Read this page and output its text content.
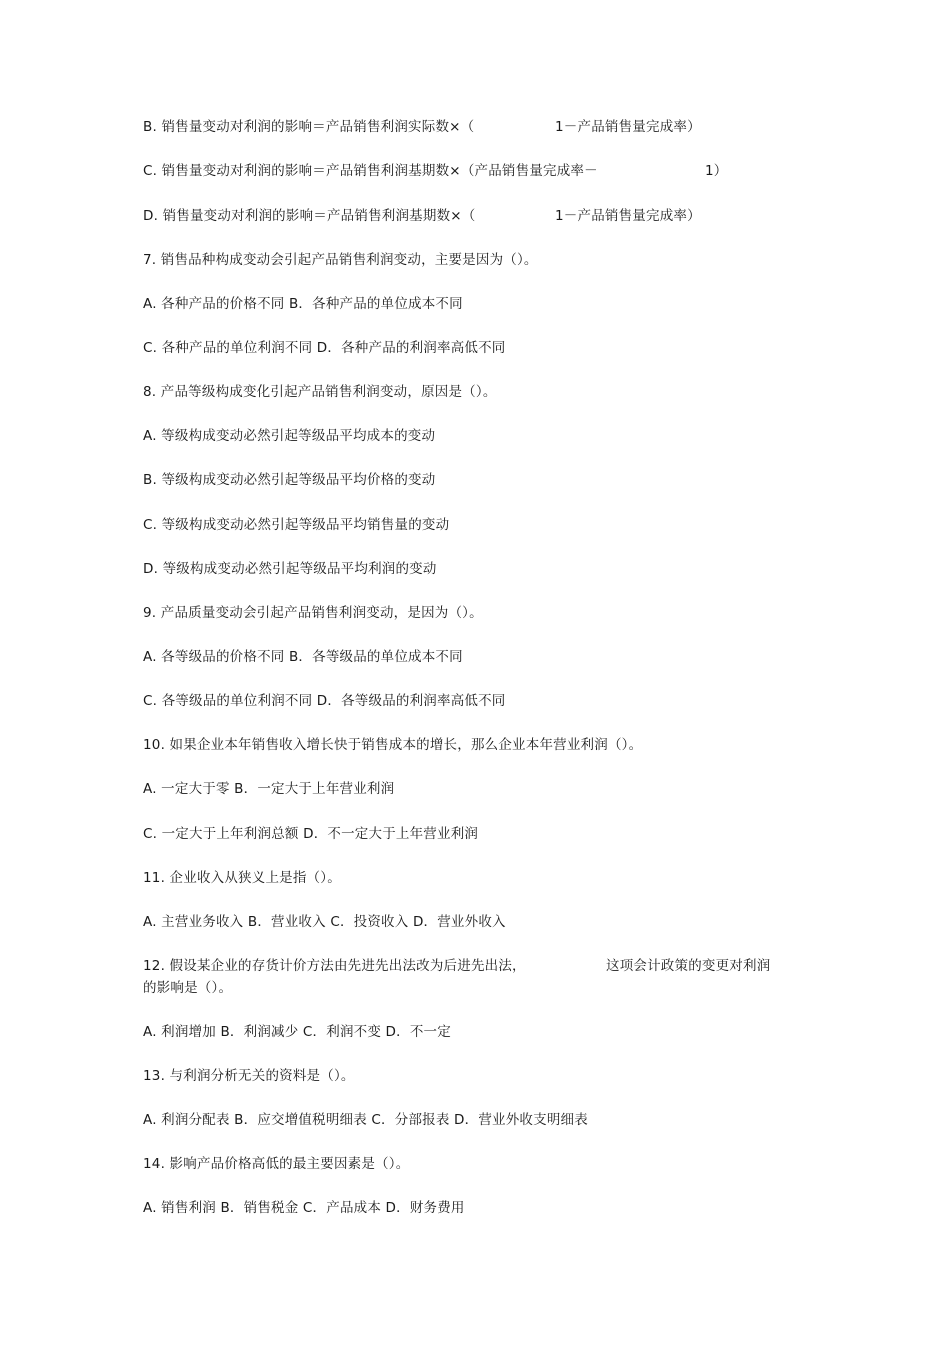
B. 销售量变动对利润的影响＝产品销售利润实际数×（	1－产品销售量完成率）
C. 销售量变动对利润的影响＝产品销售利润基期数×（产品销售量完成率－	1）
D. 销售量变动对利润的影响＝产品销售利润基期数×（	1－产品销售量完成率）
7. 销售品种构成变动会引起产品销售利润变动，主要是因为（）。
A. 各种产品的价格不同 B．各种产品的单位成本不同
C. 各种产品的单位利润不同 D．各种产品的利润率高低不同
8. 产品等级构成变化引起产品销售利润变动，原因是（）。
A. 等级构成变动必然引起等级品平均成本的变动
B. 等级构成变动必然引起等级品平均价格的变动
C. 等级构成变动必然引起等级品平均销售量的变动
D. 等级构成变动必然引起等级品平均利润的变动
9. 产品质量变动会引起产品销售利润变动，是因为（）。
A. 各等级品的价格不同 B．各等级品的单位成本不同
C. 各等级品的单位利润不同 D．各等级品的利润率高低不同
10. 如果企业本年销售收入增长快于销售成本的增长，那么企业本年营业利润（）。
A. 一定大于零 B．一定大于上年营业利润
C. 一定大于上年利润总额 D．不一定大于上年营业利润
11. 企业收入从狭义上是指（）。
A. 主营业务收入 B．营业收入 C．投资收入 D．营业外收入
12. 假设某企业的存货计价方法由先进先出法改为后进先出法，	这项会计政策的变更对利润
的影响是（）。
A. 利润增加 B．利润减少 C．利润不变 D．不一定
13. 与利润分析无关的资料是（）。
A. 利润分配表 B．应交增值税明细表 C．分部报表 D．营业外收支明细表
14. 影响产品价格高低的最主要因素是（）。
A. 销售利润 B．销售税金 C．产品成本 D．财务费用
